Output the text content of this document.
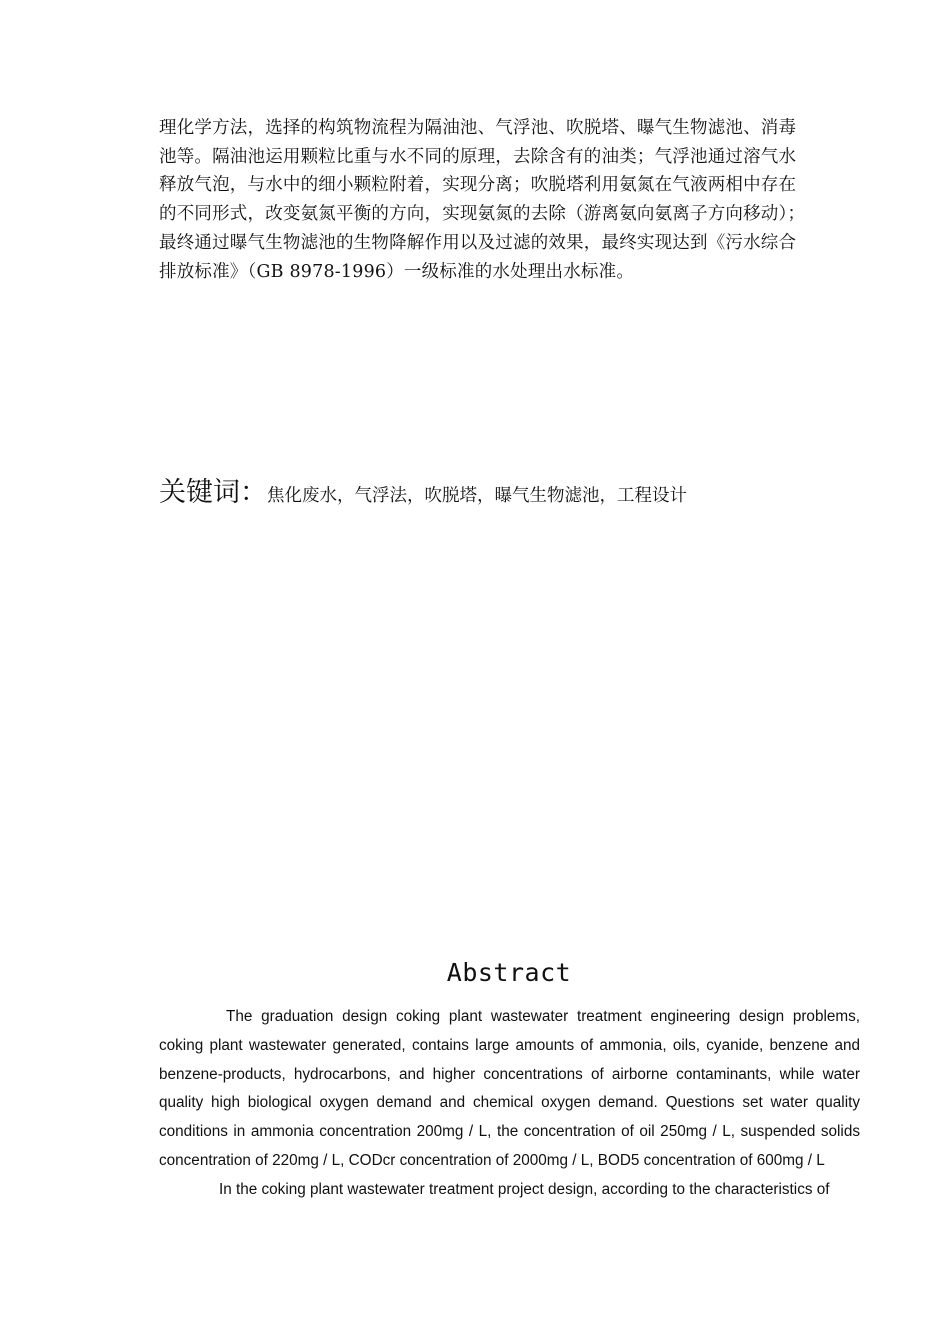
理化学方法，选择的构筑物流程为隔油池、气浮池、吹脱塔、曝气生物滤池、消毒
池等。隔油池运用颗粒比重与水不同的原理，去除含有的油类；气浮池通过溶气水
释放气泡，与水中的细小颗粒附着，实现分离；吹脱塔利用氨氮在气液两相中存在
的不同形式，改变氨氮平衡的方向，实现氨氮的去除（游离氨向氨离子方向移动）；
最终通过曝气生物滤池的生物降解作用以及过滤的效果，最终实现达到《污水综合
排放标准》（GB 8978-1996）一级标准的水处理出水标准。
关键词：焦化废水，气浮法，吹脱塔，曝气生物滤池，工程设计
Abstract

The graduation design coking plant wastewater treatment engineering design problems, coking plant wastewater generated, contains large amounts of ammonia, oils, cyanide, benzene and benzene-products, hydrocarbons, and higher concentrations of airborne contaminants, while water quality high biological oxygen demand and chemical oxygen demand. Questions set water quality conditions in ammonia concentration 200mg / L, the concentration of oil 250mg / L, suspended solids concentration of 220mg / L, CODcr concentration of 2000mg / L, BOD5 concentration of 600mg / L

In the coking plant wastewater treatment project design, according to the characteristics of
